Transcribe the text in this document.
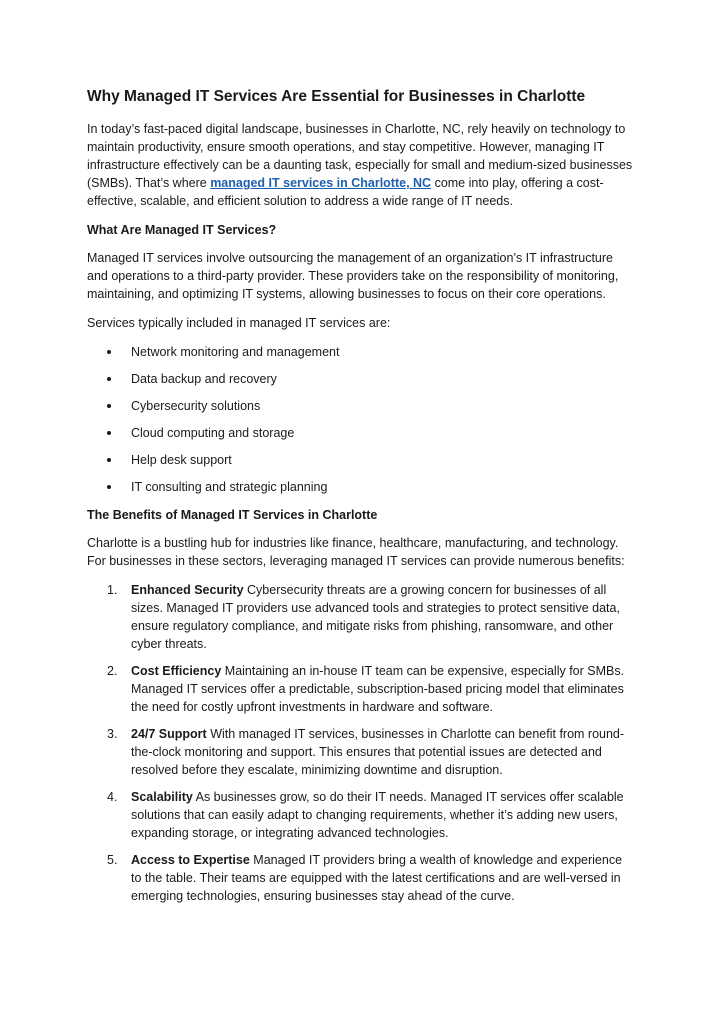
Why Managed IT Services Are Essential for Businesses in Charlotte

In today’s fast-paced digital landscape, businesses in Charlotte, NC, rely heavily on technology to maintain productivity, ensure smooth operations, and stay competitive. However, managing IT infrastructure effectively can be a daunting task, especially for small and medium-sized businesses (SMBs). That’s where managed IT services in Charlotte, NC come into play, offering a cost-effective, scalable, and efficient solution to address a wide range of IT needs.

What Are Managed IT Services?

Managed IT services involve outsourcing the management of an organization’s IT infrastructure and operations to a third-party provider. These providers take on the responsibility of monitoring, maintaining, and optimizing IT systems, allowing businesses to focus on their core operations.

Services typically included in managed IT services are:

Network monitoring and management
Data backup and recovery
Cybersecurity solutions
Cloud computing and storage
Help desk support
IT consulting and strategic planning
The Benefits of Managed IT Services in Charlotte

Charlotte is a bustling hub for industries like finance, healthcare, manufacturing, and technology. For businesses in these sectors, leveraging managed IT services can provide numerous benefits:

1. Enhanced Security Cybersecurity threats are a growing concern for businesses of all sizes. Managed IT providers use advanced tools and strategies to protect sensitive data, ensure regulatory compliance, and mitigate risks from phishing, ransomware, and other cyber threats.
2. Cost Efficiency Maintaining an in-house IT team can be expensive, especially for SMBs. Managed IT services offer a predictable, subscription-based pricing model that eliminates the need for costly upfront investments in hardware and software.
3. 24/7 Support With managed IT services, businesses in Charlotte can benefit from round-the-clock monitoring and support. This ensures that potential issues are detected and resolved before they escalate, minimizing downtime and disruption.
4. Scalability As businesses grow, so do their IT needs. Managed IT services offer scalable solutions that can easily adapt to changing requirements, whether it’s adding new users, expanding storage, or integrating advanced technologies.
5. Access to Expertise Managed IT providers bring a wealth of knowledge and experience to the table. Their teams are equipped with the latest certifications and are well-versed in emerging technologies, ensuring businesses stay ahead of the curve.
